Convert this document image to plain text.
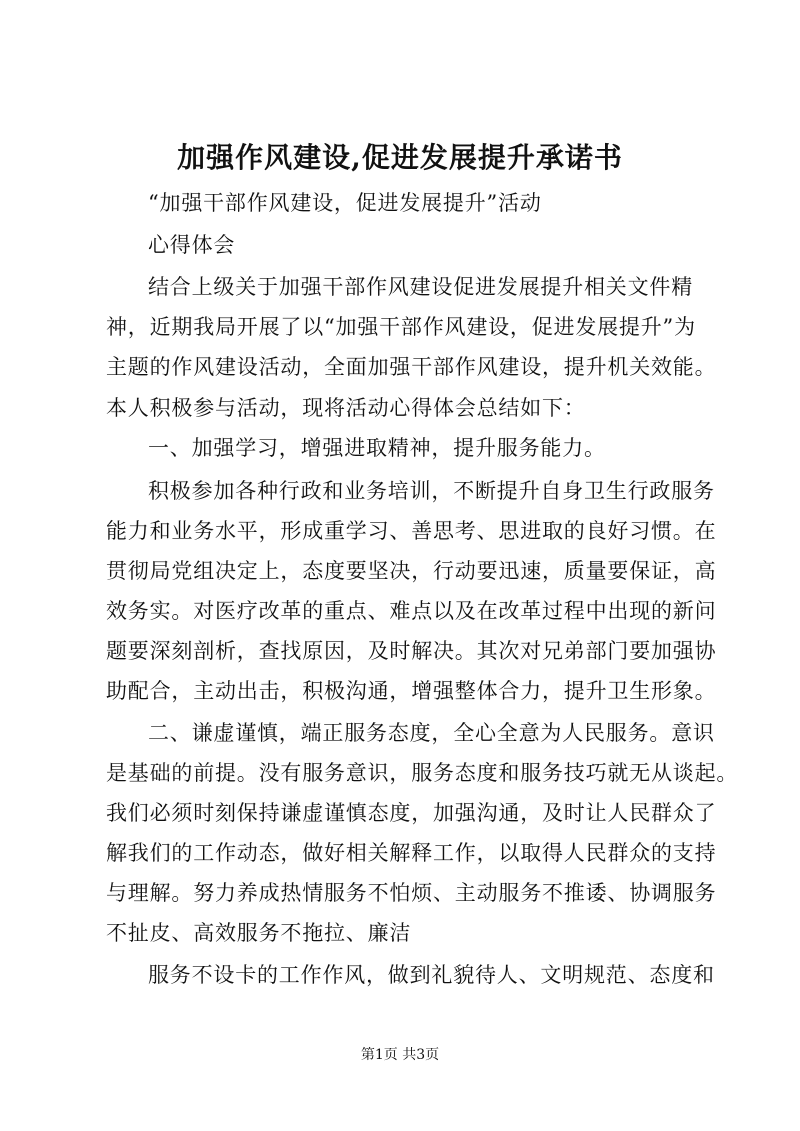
加强作风建设,促进发展提升承诺书
“加强干部作风建设，促进发展提升”活动
心得体会
结合上级关于加强干部作风建设促进发展提升相关文件精
神，近期我局开展了以“加强干部作风建设，促进发展提升”为
主题的作风建设活动，全面加强干部作风建设，提升机关效能。
本人积极参与活动，现将活动心得体会总结如下：
一、加强学习，增强进取精神，提升服务能力。
积极参加各种行政和业务培训，不断提升自身卫生行政服务
能力和业务水平，形成重学习、善思考、思进取的良好习惯。在
贯彻局党组决定上，态度要坚决，行动要迅速，质量要保证，高
效务实。对医疗改革的重点、难点以及在改革过程中出现的新问
题要深刻剖析，查找原因，及时解决。其次对兄弟部门要加强协
助配合，主动出击，积极沟通，增强整体合力，提升卫生形象。
二、谦虚谨慎，端正服务态度，全心全意为人民服务。意识
是基础的前提。没有服务意识，服务态度和服务技巧就无从谈起。
我们必须时刻保持谦虚谨慎态度，加强沟通，及时让人民群众了
解我们的工作动态，做好相关解释工作，以取得人民群众的支持
与理解。努力养成热情服务不怕烦、主动服务不推诿、协调服务
不扯皮、高效服务不拖拉、廉洁
服务不设卡的工作作风，做到礼貌待人、文明规范、态度和
第1页 共3页
